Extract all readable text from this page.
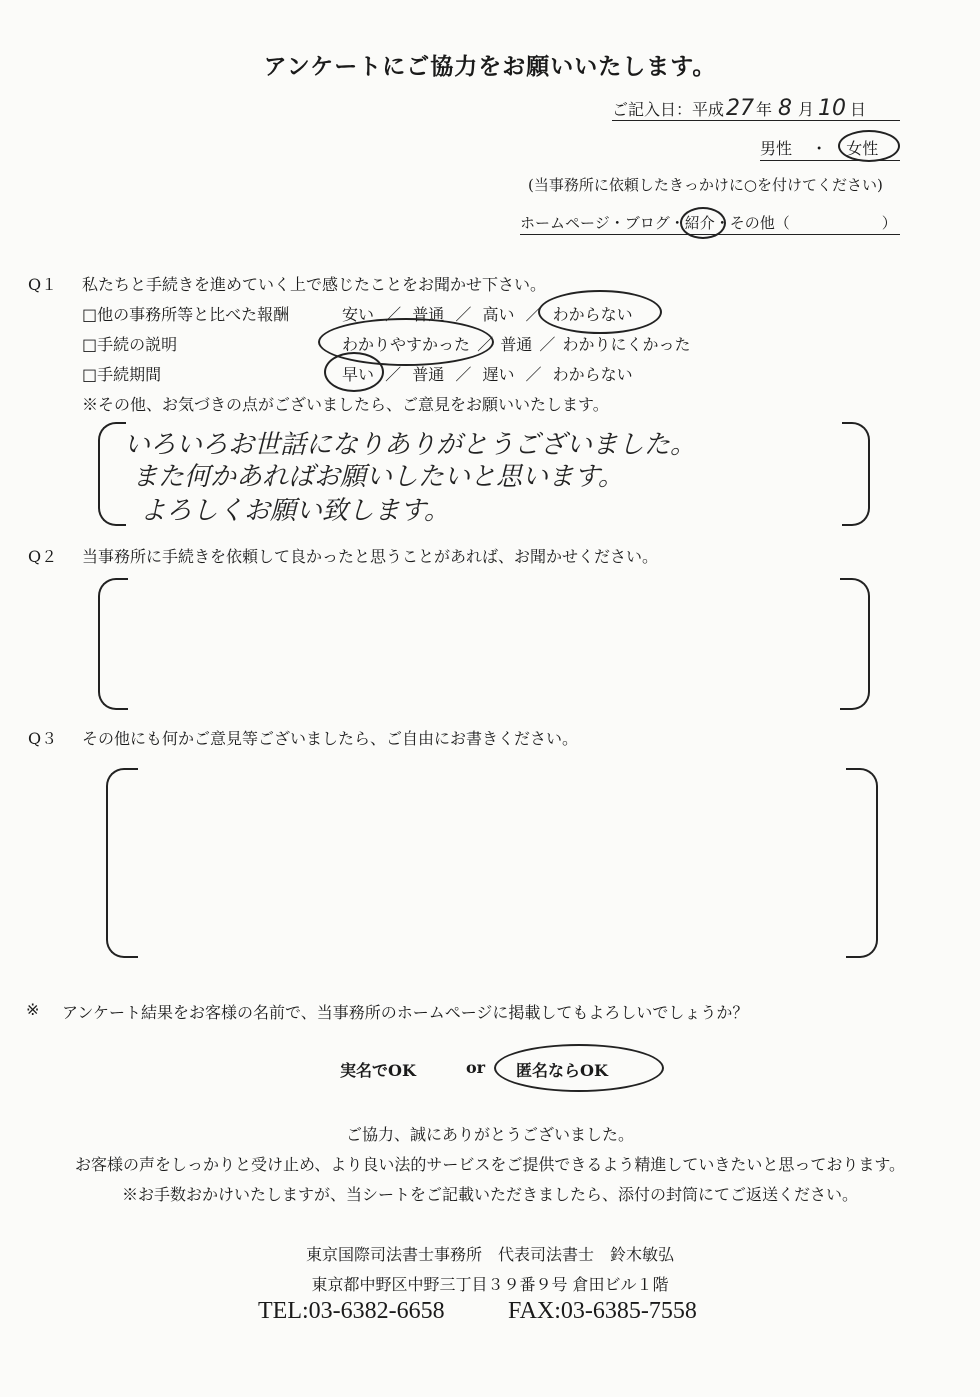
アンケートにご協力をお願いいたします。
ご記入日：平成27 年 8 月 10 日
男性 ・ 女性
(当事務所に依頼したきっかけに○を付けてください)
ホームページ・ブログ・紹介・その他（	）
Q１ 私たちと手続きを進めていく上で感じたことをお聞かせ下さい。
□他の事務所等と比べた報酬	安い ／ 普通 ／ 高い ／ わからない
□手続の説明	わかりやすかった ／ 普通 ／ わかりにくかった
□手続期間	早い ／ 普通 ／ 遅い ／ わからない
※その他、お気づきの点がございましたら、ご意見をお願いいたします。
いろいろお世話になりありがとうございました。
また何かあればお願いしたいと思います。
よろしくお願い致します。
Q２ 当事務所に手続きを依頼して良かったと思うことがあれば、お聞かせください。
Q３ その他にも何かご意見等ございましたら、ご自由にお書きください。
※ アンケート結果をお客様の名前で、当事務所のホームページに掲載してもよろしいでしょうか？
実名でOK	or 匿名ならOK
ご協力、誠にありがとうございました。
お客様の声をしっかりと受け止め、より良い法的サービスをご提供できるよう精進していきたいと思っております。
※お手数おかけいたしますが、当シートをご記載いただきましたら、添付の封筒にてご返送ください。
東京国際司法書士事務所　代表司法書士　鈴木敏弘
東京都中野区中野三丁目３９番９号 倉田ビル１階
TEL:03-6382-6658	FAX:03-6385-7558
